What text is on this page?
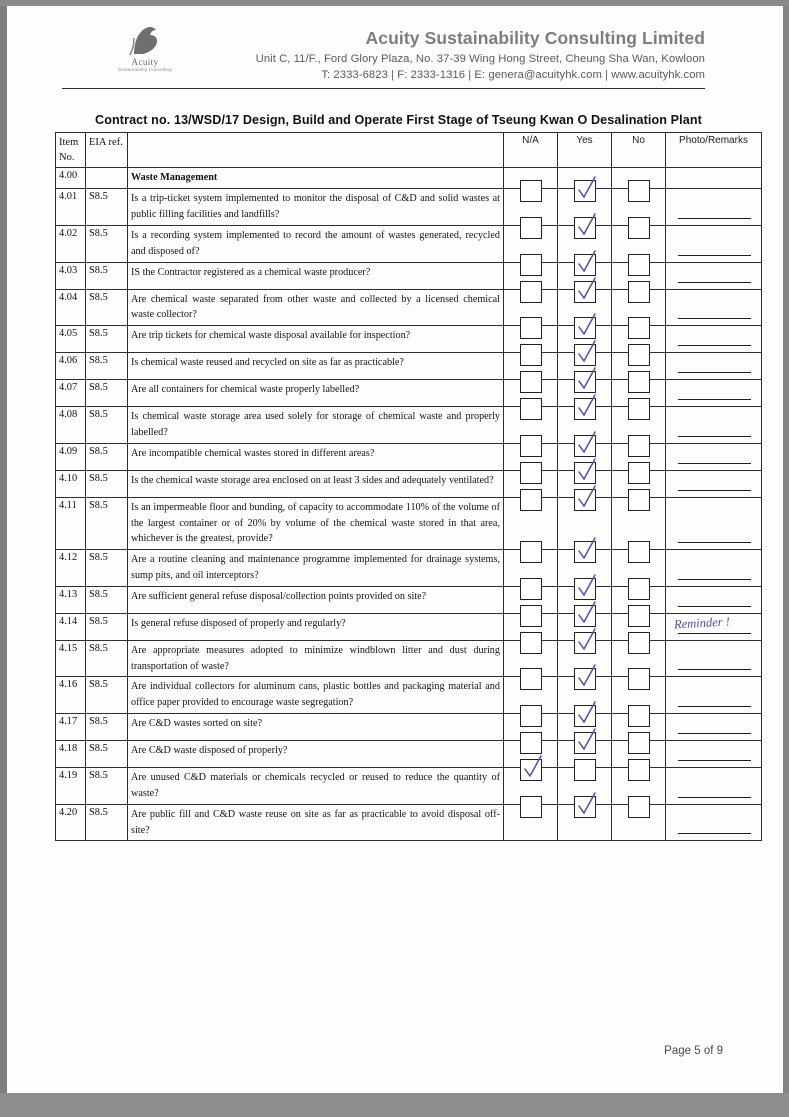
Acuity
Sustainability Consulting
Acuity Sustainability Consulting Limited
Unit C, 11/F., Ford Glory Plaza, No. 37-39 Wing Hong Street, Cheung Sha Wan, Kowloon
T: 2333-6823 | F: 2333-1316 | E: genera@acuityhk.com | www.acuityhk.com
Contract no. 13/WSD/17 Design, Build and Operate First Stage of Tseung Kwan O Desalination Plant
Item
No.	EIA ref.		N/A	Yes	No	Photo/Remarks
4.00		Waste Management				
4.01	S8.5	Is a trip-ticket system implemented to monitor the disposal of C&D and solid wastes at public filling facilities and landfills?	

4.02	S8.5	Is a recording system implemented to record the amount of wastes generated, recycled and disposed of?	

4.03	S8.5	IS the Contractor registered as a chemical waste producer?	

4.04	S8.5	Are chemical waste separated from other waste and collected by a licensed chemical waste collector?	

4.05	S8.5	Are trip tickets for chemical waste disposal available for inspection?	

4.06	S8.5	Is chemical waste reused and recycled on site as far as practicable?	

4.07	S8.5	Are all containers for chemical waste properly labelled?	

4.08	S8.5	Is chemical waste storage area used solely for storage of chemical waste and properly labelled?	

4.09	S8.5	Are incompatible chemical wastes stored in different areas?	

4.10	S8.5	Is the chemical waste storage area enclosed on at least 3 sides and adequately ventilated?	

4.11	S8.5	Is an impermeable floor and bunding, of capacity to accommodate 110% of the volume of the largest container or of 20% by volume of the chemical waste stored in that area, whichever is the greatest, provide?	

4.12	S8.5	Are a routine cleaning and maintenance programme implemented for drainage systems, sump pits, and oil interceptors?	

4.13	S8.5	Are sufficient general refuse disposal/collection points provided on site?	

4.14	S8.5	Is general refuse disposed of properly and regularly?				Reminder !

4.15	S8.5	Are appropriate measures adopted to minimize windblown litter and dust during transportation of waste?	

4.16	S8.5	Are individual collectors for aluminum cans, plastic bottles and packaging material and office paper provided to encourage waste segregation?	

4.17	S8.5	Are C&D wastes sorted on site?	

4.18	S8.5	Are C&D waste disposed of properly?	

4.19	S8.5	Are unused C&D materials or chemicals recycled or reused to reduce the quantity of waste?	

4.20	S8.5	Are public fill and C&D waste reuse on site as far as practicable to avoid disposal off-site?	

Page 5 of 9
